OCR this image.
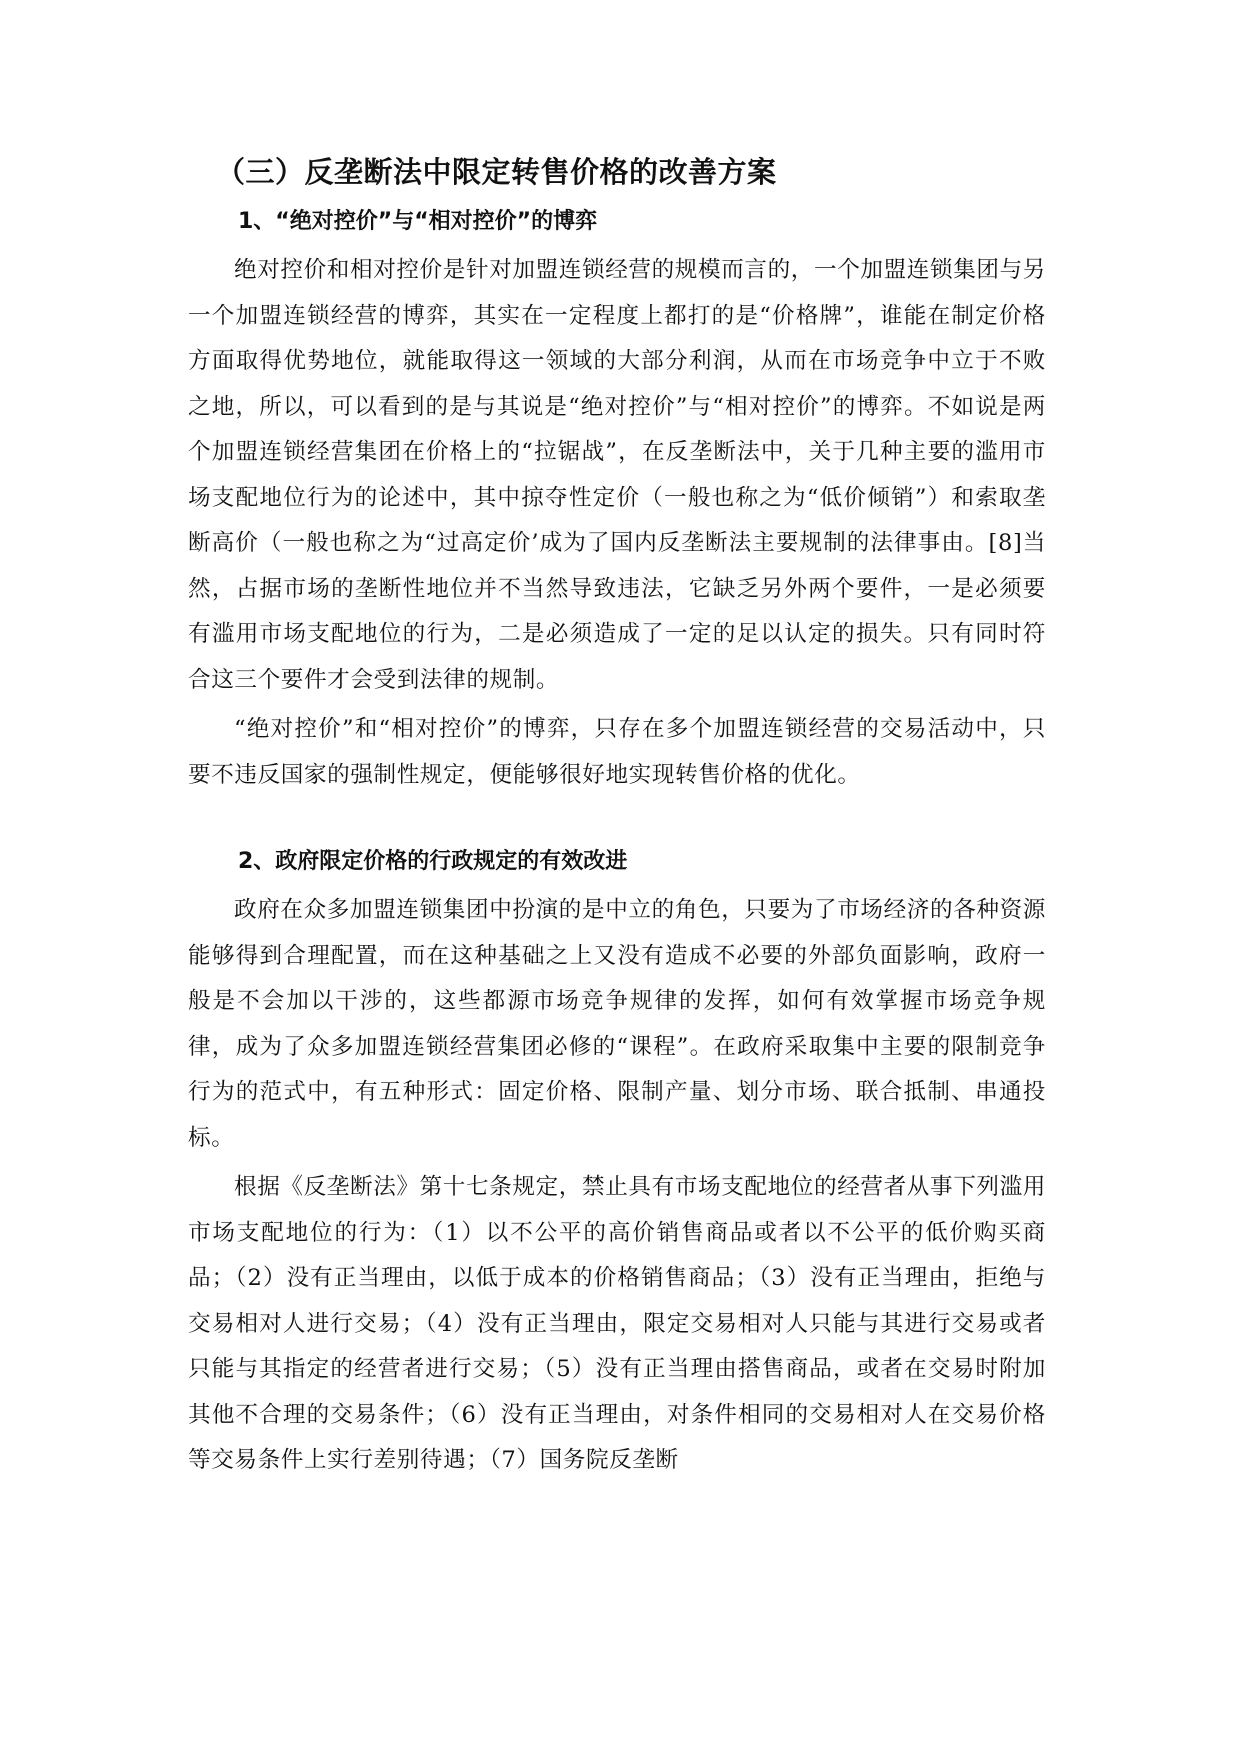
（三）反垄断法中限定转售价格的改善方案
1、“绝对控价”与“相对控价”的博弈

绝对控价和相对控价是针对加盟连锁经营的规模而言的，一个加盟连锁集团与另一个加盟连锁经营的博弈，其实在一定程度上都打的是“价格牌”，谁能在制定价格方面取得优势地位，就能取得这一领域的大部分利润，从而在市场竞争中立于不败之地，所以，可以看到的是与其说是“绝对控价”与“相对控价”的博弈。不如说是两个加盟连锁经营集团在价格上的“拉锯战”，在反垄断法中，关于几种主要的滥用市场支配地位行为的论述中，其中掠夺性定价（一般也称之为“低价倾销”）和索取垄断高价（一般也称之为“过高定价’成为了国内反垄断法主要规制的法律事由。[8]当然，占据市场的垄断性地位并不当然导致违法，它缺乏另外两个要件，一是必须要有滥用市场支配地位的行为，二是必须造成了一定的足以认定的损失。只有同时符合这三个要件才会受到法律的规制。

“绝对控价”和“相对控价”的博弈，只存在多个加盟连锁经营的交易活动中，只要不违反国家的强制性规定，便能够很好地实现转售价格的优化。

2、政府限定价格的行政规定的有效改进

政府在众多加盟连锁集团中扮演的是中立的角色，只要为了市场经济的各种资源能够得到合理配置，而在这种基础之上又没有造成不必要的外部负面影响，政府一般是不会加以干涉的，这些都源市场竞争规律的发挥，如何有效掌握市场竞争规律，成为了众多加盟连锁经营集团必修的“课程”。在政府采取集中主要的限制竞争行为的范式中，有五种形式：固定价格、限制产量、划分市场、联合抵制、串通投标。

根据《反垄断法》第十七条规定，禁止具有市场支配地位的经营者从事下列滥用市场支配地位的行为：（1）以不公平的高价销售商品或者以不公平的低价购买商品；（2）没有正当理由，以低于成本的价格销售商品；（3）没有正当理由，拒绝与交易相对人进行交易；（4）没有正当理由，限定交易相对人只能与其进行交易或者只能与其指定的经营者进行交易；（5）没有正当理由搭售商品，或者在交易时附加其他不合理的交易条件；（6）没有正当理由，对条件相同的交易相对人在交易价格等交易条件上实行差别待遇；（7）国务院反垄断
